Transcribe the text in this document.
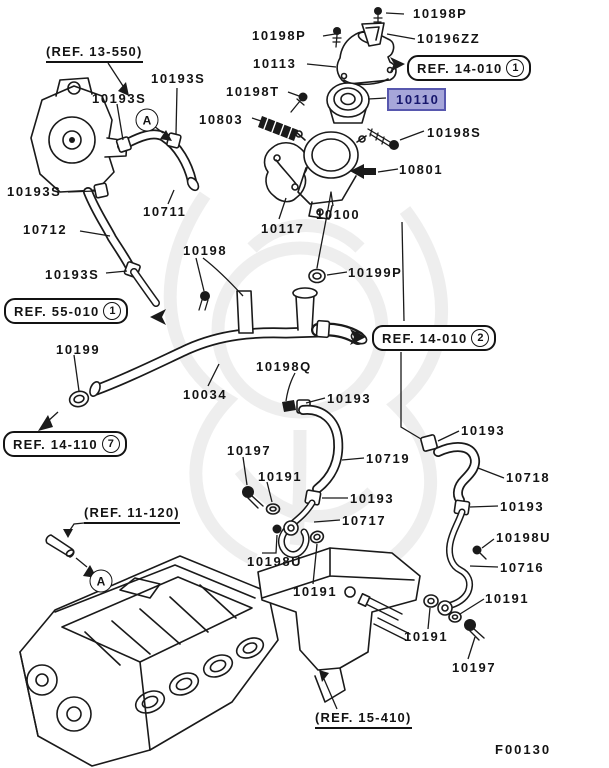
10198P
10196ZZ
10198P
10113
10193S
10198T
10110
10803
10198S
10801
10193S
10193S
10712
10711
10117
10100
10198
10199P
10193S
10199
10034
10198Q
10193
10719
10193
10718
10197
10191
10193
10717
10193
10198U
10198U
10716
10191	10191
10191
10197
REF. 14-010 1
REF. 55-010 1
REF. 14-010 2
REF. 14-110 7
(REF. 13-550)
(REF. 11-120)
(REF. 15-410)
A
A
F00130
